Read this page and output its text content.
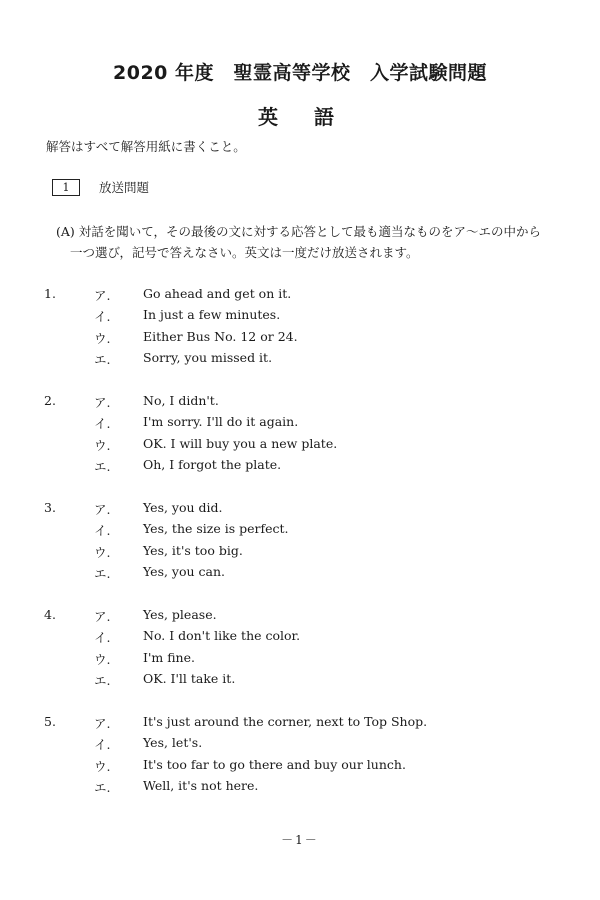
2020 年度　聖霊高等学校　入学試験問題
英　語
解答はすべて解答用紙に書くこと。
1	放送問題
(A) 対話を聞いて，その最後の文に対する応答として最も適当なものをア～エの中から
一つ選び，記号で答えなさい。英文は一度だけ放送されます。
1.	ア.	Go ahead and get on it.
イ.	In just a few minutes.
ウ.	Either Bus No. 12 or 24.
エ.	Sorry, you missed it.
2.	ア.	No, I didn't.
イ.	I'm sorry. I'll do it again.
ウ.	OK. I will buy you a new plate.
エ.	Oh, I forgot the plate.
3.	ア.	Yes, you did.
イ.	Yes, the size is perfect.
ウ.	Yes, it's too big.
エ.	Yes, you can.
4.	ア.	Yes, please.
イ.	No. I don't like the color.
ウ.	I'm fine.
エ.	OK. I'll take it.
5.	ア.	It's just around the corner, next to Top Shop.
イ.	Yes, let's.
ウ.	It's too far to go there and buy our lunch.
エ.	Well, it's not here.
－1－
